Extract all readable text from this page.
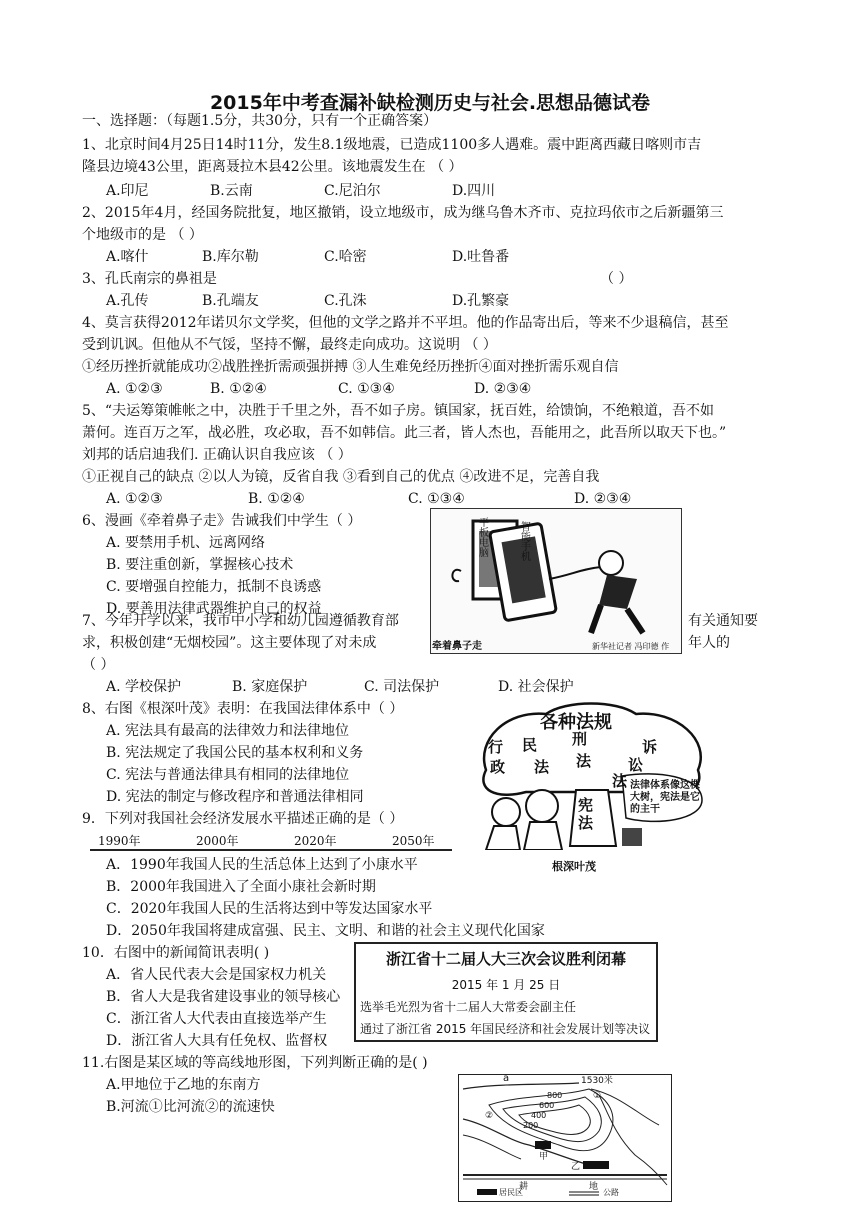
2015年中考查漏补缺检测历史与社会.思想品德试卷
一、选择题：（每题1.5分，共30分，只有一个正确答案）
1、北京时间4月25日14时11分，发生8.1级地震，已造成1100多人遇难。震中距离西藏日喀则市吉
隆县边境43公里，距离聂拉木县42公里。该地震发生在 （ ）
A.印尼	B.云南	C.尼泊尔	D.四川
2、2015年4月，经国务院批复，地区撤销，设立地级市，成为继乌鲁木齐市、克拉玛依市之后新疆第三
个地级市的是 （ ）
A.喀什	B.库尔勒	C.哈密	D.吐鲁番
3、孔氏南宗的鼻祖是	（ ）
A.孔传	B.孔端友	C.孔洙	D.孔繁豪
4、莫言获得2012年诺贝尔文学奖，但他的文学之路并不平坦。他的作品寄出后，等来不少退稿信，甚至
受到讥讽。但他从不气馁，坚持不懈，最终走向成功。这说明 （ ）
①经历挫折就能成功②战胜挫折需顽强拼搏 ③人生难免经历挫折④面对挫折需乐观自信
A. ①②③	B. ①②④	C. ①③④	D. ②③④
5、“夫运筹策帷帐之中，决胜于千里之外，吾不如子房。镇国家，抚百姓，给馈饷，不绝粮道，吾不如
萧何。连百万之军，战必胜，攻必取，吾不如韩信。此三者，皆人杰也，吾能用之，此吾所以取天下也。”
刘邦的话启迪我们. 正确认识自我应该 （ ）
①正视自己的缺点 ②以人为镜，反省自我 ③看到自己的优点 ④改进不足，完善自我
A. ①②③	B. ①②④	C. ①③④	D. ②③④
6、漫画《牵着鼻子走》告诫我们中学生（ ）
A. 要禁用手机、远离网络
B. 要注重创新，掌握核心技术
C. 要增强自控能力，抵制不良诱惑
D. 要善用法律武器维护自己的权益
平板电脑
智能手机
牵着鼻子走	新华社记者 冯印德 作
7、今年开学以来，我市中小学和幼儿园遵循教育部	有关通知要
求，积极创建“无烟校园”。这主要体现了对未成	年人的
（ ）
A. 学校保护	B. 家庭保护	C. 司法保护	D. 社会保护
8、右图《根深叶茂》表明：在我国法律体系中（ ）
A. 宪法具有最高的法律效力和法律地位
B. 宪法规定了我国公民的基本权利和义务
C. 宪法与普通法律具有相同的法律地位
D. 宪法的制定与修改程序和普通法律相同
各种法规
行
政
民
法
刑
法
诉
讼
法
宪法
法律体系像这棵大树，宪法是它的主干
根深叶茂
9．下列对我国社会经济发展水平描述正确的是（ ）
1990年	2000年	2020年	2050年
A．1990年我国人民的生活总体上达到了小康水平
B．2000年我国进入了全面小康社会新时期
C．2020年我国人民的生活将达到中等发达国家水平
D．2050年我国将建成富强、民主、文明、和谐的社会主义现代化国家
10．右图中的新闻简讯表明( )
A．省人民代表大会是国家权力机关
B．省人大是我省建设事业的领导核心
C．浙江省人大代表由直接选举产生
D．浙江省人大具有任免权、监督权
浙江省十二届人大三次会议胜利闭幕
2015 年 1 月 25 日
选举毛光烈为省十二届人大常委会副主任
通过了浙江省 2015 年国民经济和社会发展计划等决议
11.右图是某区域的等高线地形图，下列判断正确的是( )
A.甲地位于乙地的东南方
B.河流①比河流②的流速快
a	1530米
800
600
400
200
①
②
甲
乙
耕	地
居民区	公路
